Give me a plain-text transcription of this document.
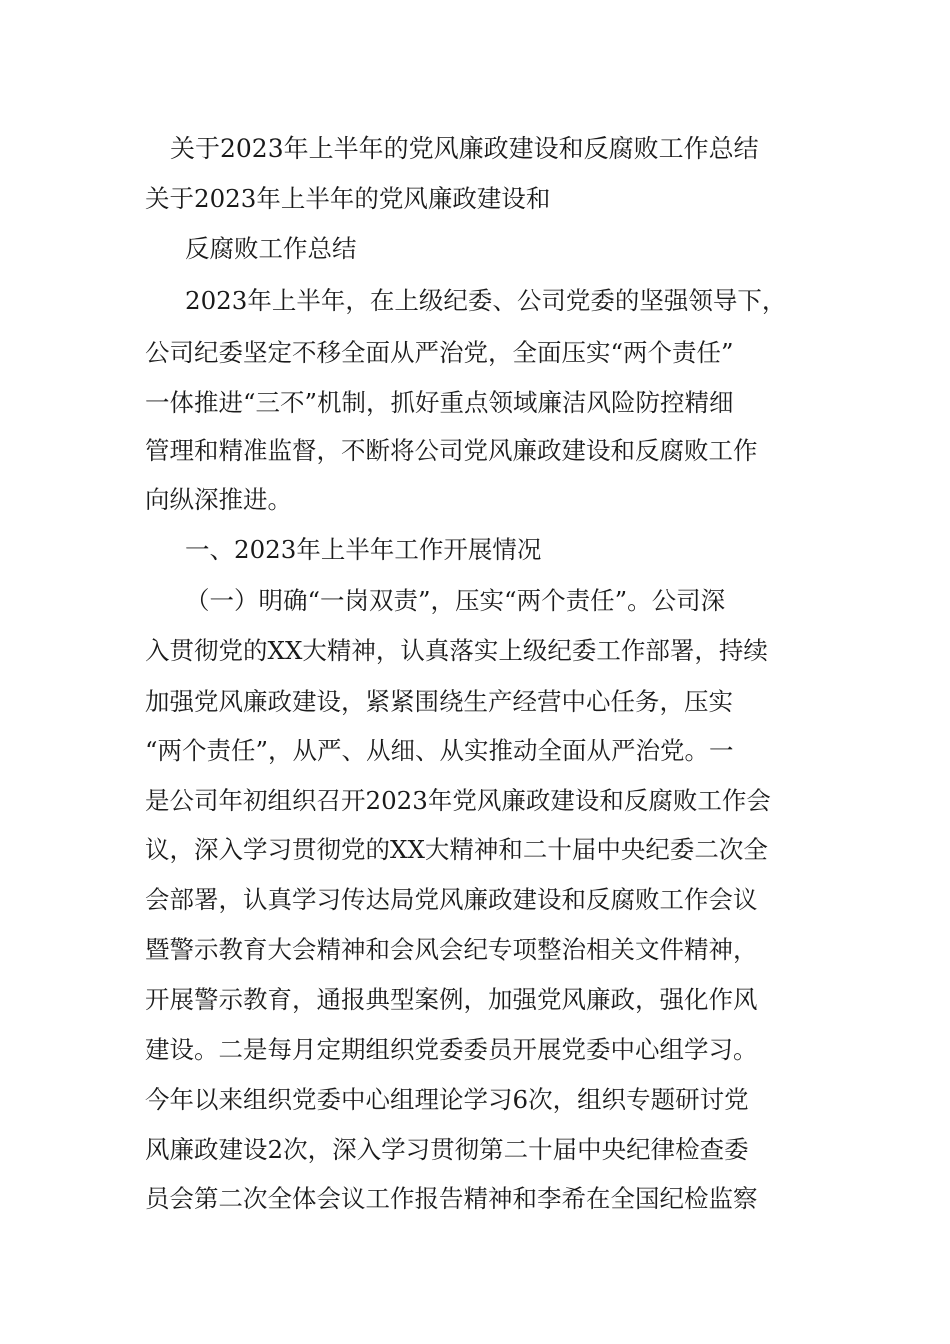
关于2023年上半年的党风廉政建设和反腐败工作总结

关于2023年上半年的党风廉政建设和

反腐败工作总结

2023年上半年，在上级纪委、公司党委的坚强领导下，

公司纪委坚定不移全面从严治党，全面压实“两个责任”

一体推进“三不”机制，抓好重点领域廉洁风险防控精细

管理和精准监督，不断将公司党风廉政建设和反腐败工作

向纵深推进。

一、2023年上半年工作开展情况

（一）明确“一岗双责”，压实“两个责任”。公司深

入贯彻党的XX大精神，认真落实上级纪委工作部署，持续

加强党风廉政建设，紧紧围绕生产经营中心任务，压实

“两个责任”，从严、从细、从实推动全面从严治党。一

是公司年初组织召开2023年党风廉政建设和反腐败工作会

议，深入学习贯彻党的XX大精神和二十届中央纪委二次全

会部署，认真学习传达局党风廉政建设和反腐败工作会议

暨警示教育大会精神和会风会纪专项整治相关文件精神，

开展警示教育，通报典型案例，加强党风廉政，强化作风

建设。二是每月定期组织党委委员开展党委中心组学习。

今年以来组织党委中心组理论学习6次，组织专题研讨党

风廉政建设2次，深入学习贯彻第二十届中央纪律检查委

员会第二次全体会议工作报告精神和李希在全国纪检监察
